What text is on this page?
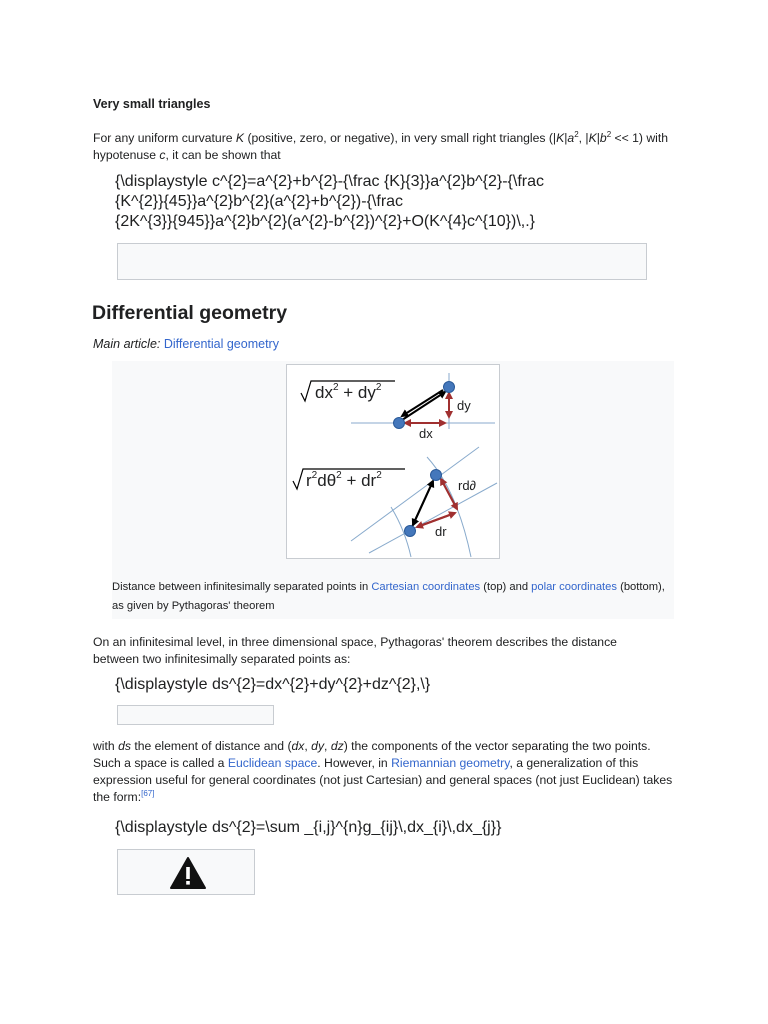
Very small triangles
For any uniform curvature K (positive, zero, or negative), in very small right triangles ($|K|a^2$, $|K|b^2 << 1$) with hypotenuse c, it can be shown that
{\displaystyle c^{2}=a^{2}+b^{2}-{\frac {K}{3}}a^{2}b^{2}-{\frac
{K^{2}}{45}}a^{2}b^{2}(a^{2}+b^{2})-{\frac
{2K^{3}}{945}}a^{2}b^{2}(a^{2}-b^{2})^{2}+O(K^{4}c^{10})\,.}
Differential geometry
Main article: Differential geometry
$dx^2 + dy^2$
dy
dx
$r^2d\theta^2 + dr^2$
rd∂
dr
Distance between infinitesimally separated points in Cartesian coordinates (top) and polar coordinates (bottom), as given by Pythagoras' theorem
On an infinitesimal level, in three dimensional space, Pythagoras' theorem describes the distance between two infinitesimally separated points as:
{\displaystyle ds^{2}=dx^{2}+dy^{2}+dz^{2},\}
with ds the element of distance and (dx, dy, dz) the components of the vector separating the two points. Such a space is called a Euclidean space. However, in Riemannian geometry, a generalization of this expression useful for general coordinates (not just Cartesian) and general spaces (not just Euclidean) takes the form:[67]
{\displaystyle ds^{2}=\sum _{i,j}^{n}g_{ij}\,dx_{i}\,dx_{j}}
